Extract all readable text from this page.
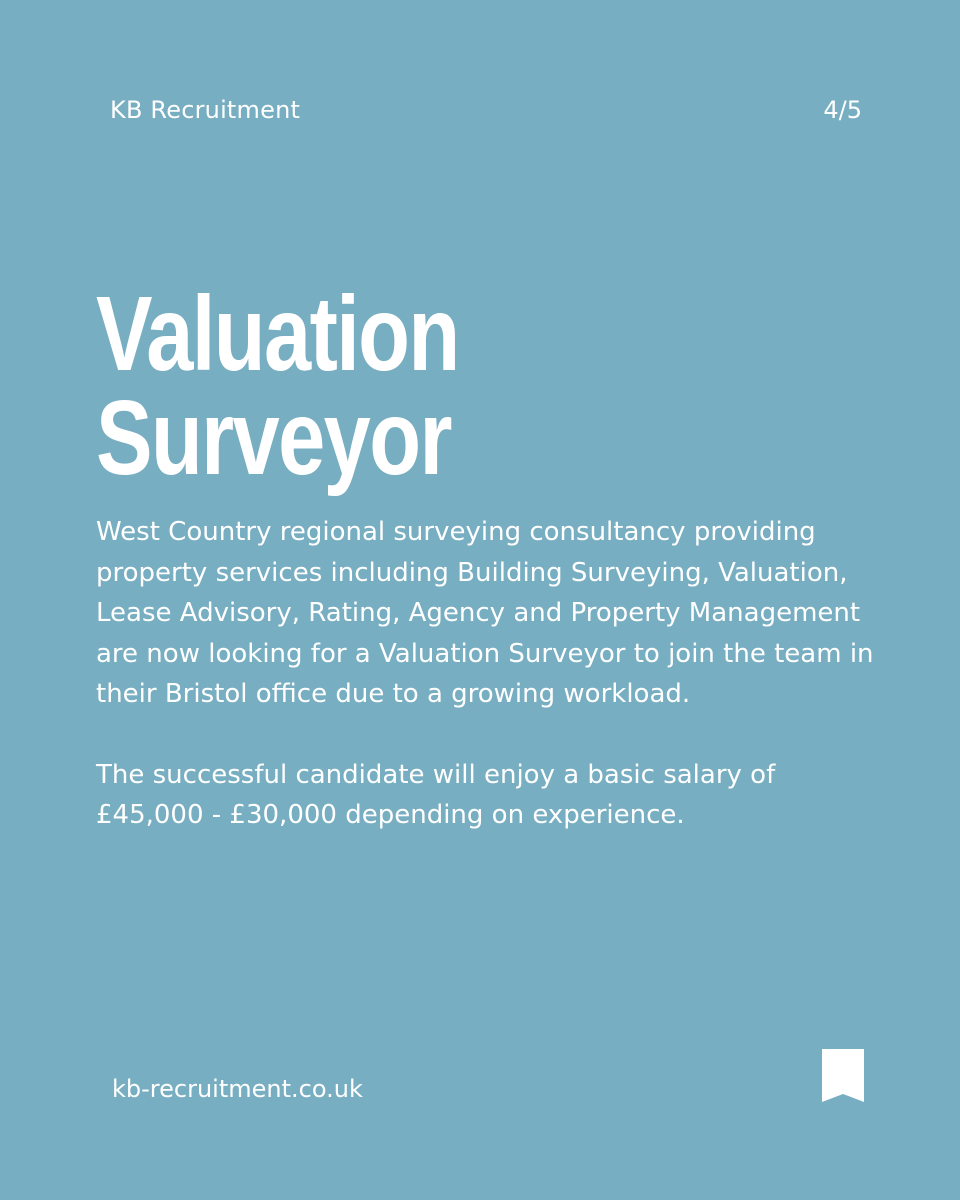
KB Recruitment	4/5
Valuation
Surveyor

West Country regional surveying consultancy providing property services including Building Surveying, Valuation, Lease Advisory, Rating, Agency and Property Management are now looking for a Valuation Surveyor to join the team in their Bristol office due to a growing workload.

The successful candidate will enjoy a basic salary of £45,000 - £30,000 depending on experience.

kb-recruitment.co.uk
